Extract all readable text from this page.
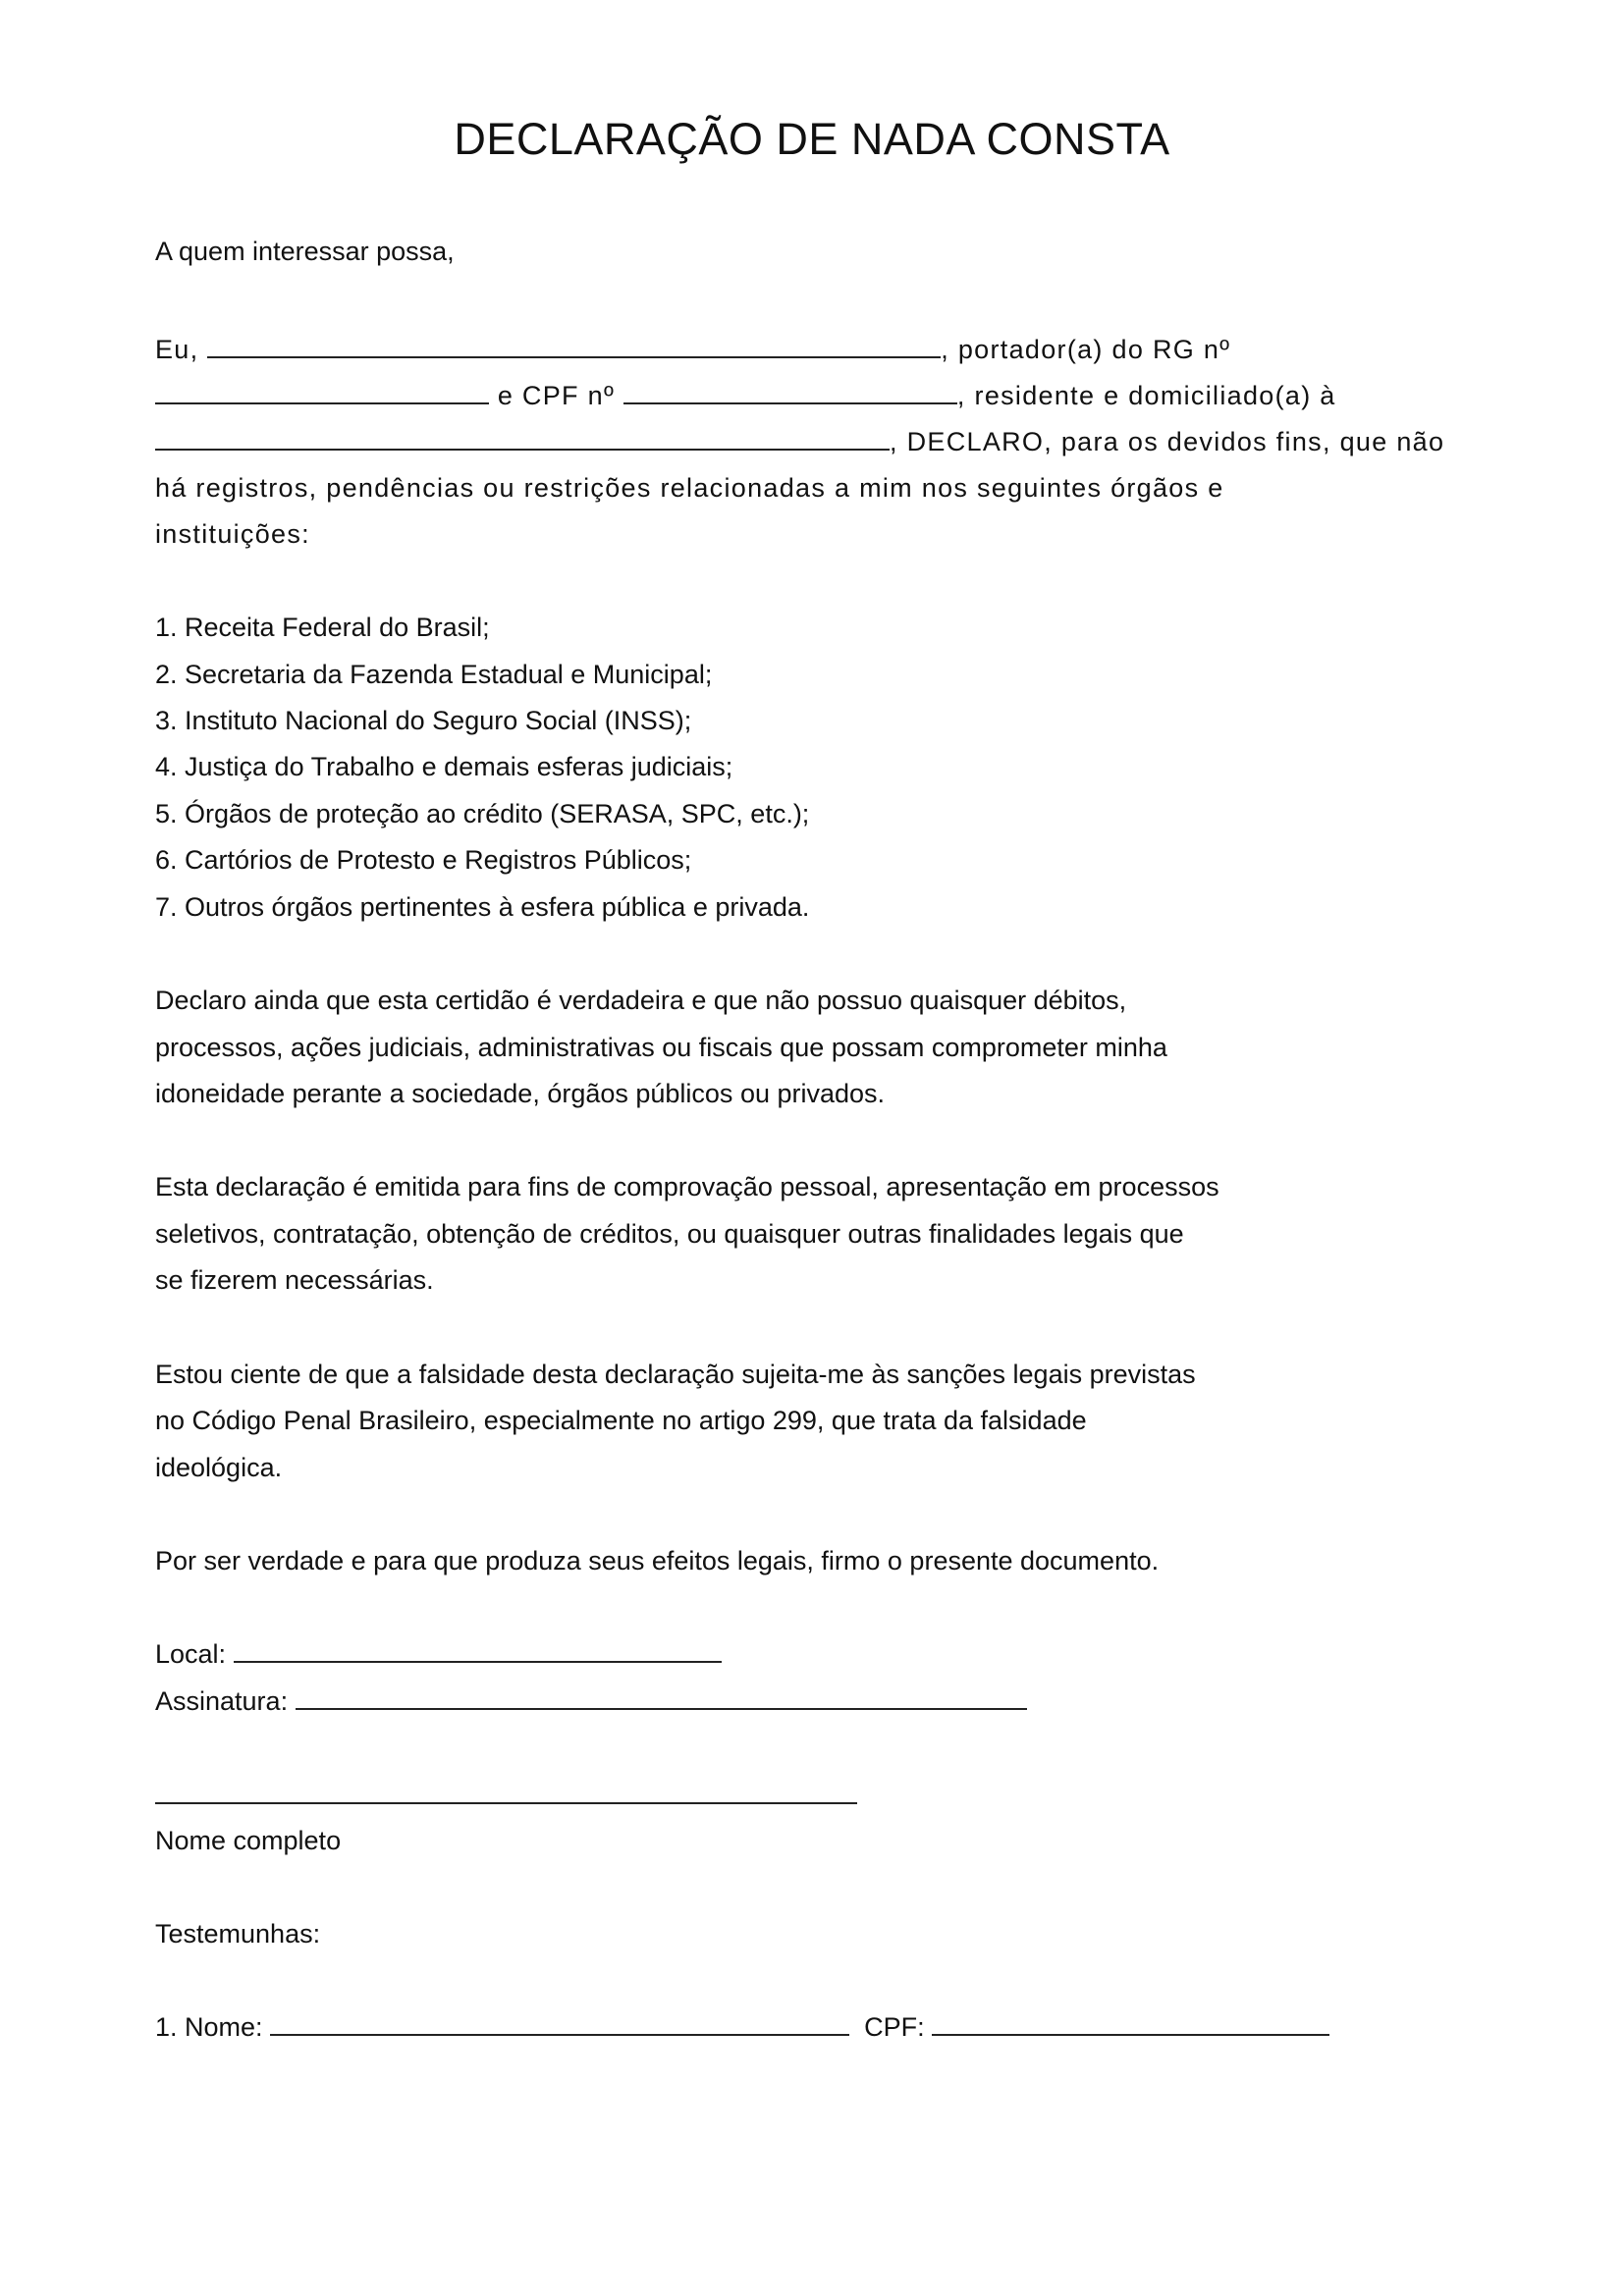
DECLARAÇÃO DE NADA CONSTA

A quem interessar possa,

Eu,	, portador(a) do RG nº

e CPF nº	, residente e domiciliado(a) à

, DECLARO, para os devidos fins, que não

há registros, pendências ou restrições relacionadas a mim nos seguintes órgãos e

instituições:

1. Receita Federal do Brasil;

2. Secretaria da Fazenda Estadual e Municipal;

3. Instituto Nacional do Seguro Social (INSS);

4. Justiça do Trabalho e demais esferas judiciais;

5. Órgãos de proteção ao crédito (SERASA, SPC, etc.);

6. Cartórios de Protesto e Registros Públicos;

7. Outros órgãos pertinentes à esfera pública e privada.

Declaro ainda que esta certidão é verdadeira e que não possuo quaisquer débitos,

processos, ações judiciais, administrativas ou fiscais que possam comprometer minha

idoneidade perante a sociedade, órgãos públicos ou privados.

Esta declaração é emitida para fins de comprovação pessoal, apresentação em processos

seletivos, contratação, obtenção de créditos, ou quaisquer outras finalidades legais que

se fizerem necessárias.

Estou ciente de que a falsidade desta declaração sujeita-me às sanções legais previstas

no Código Penal Brasileiro, especialmente no artigo 299, que trata da falsidade

ideológica.

Por ser verdade e para que produza seus efeitos legais, firmo o presente documento.

Local:

Assinatura:

Nome completo

Testemunhas:

1. Nome:	CPF:
